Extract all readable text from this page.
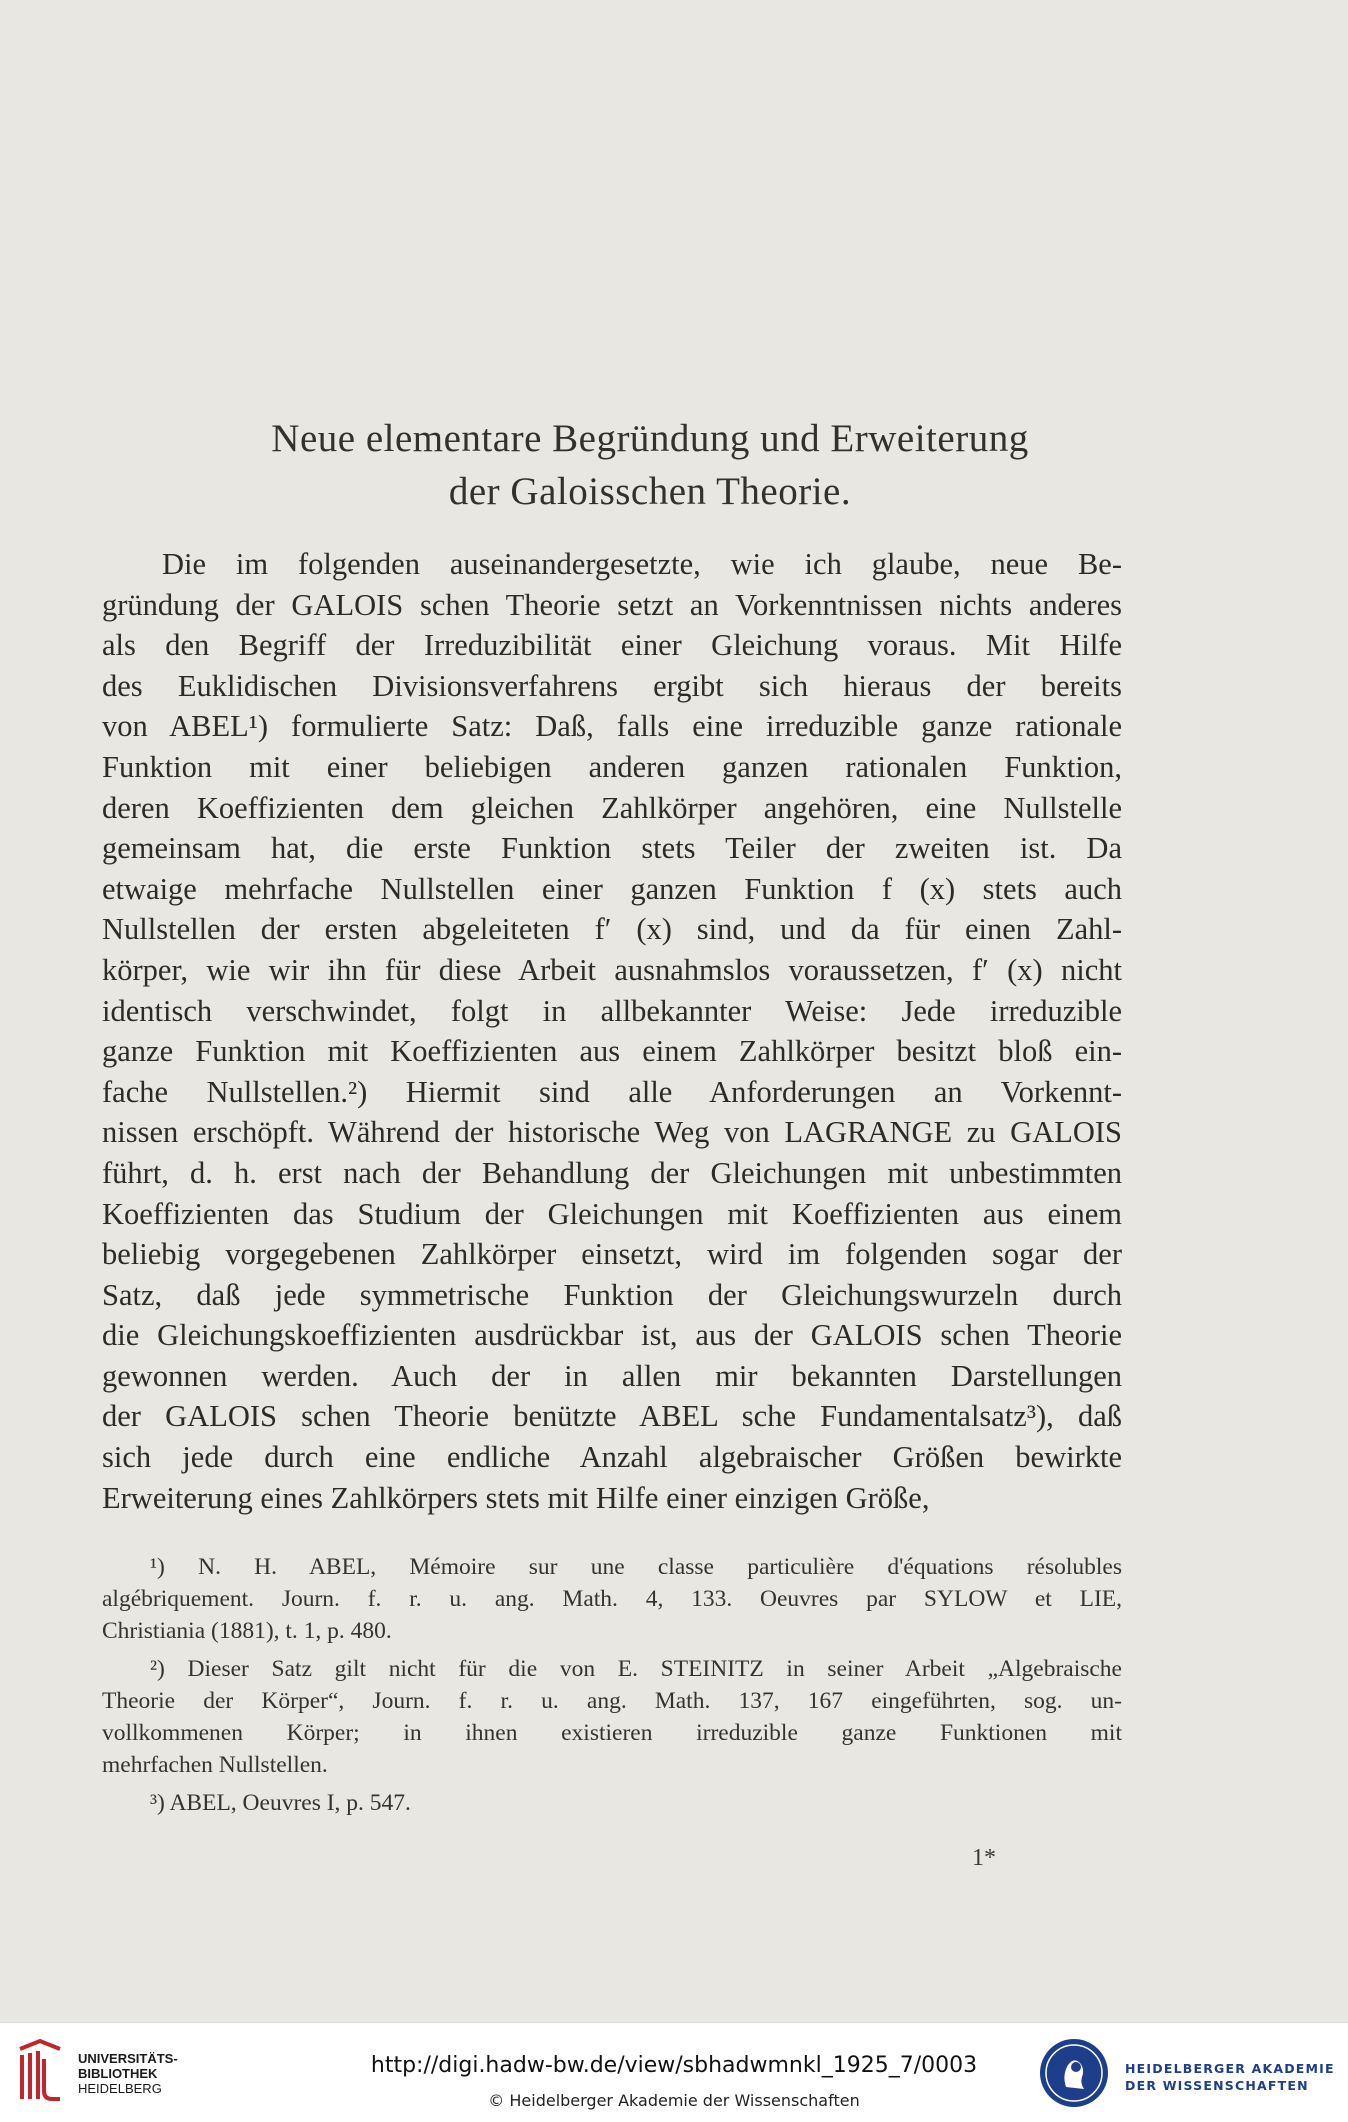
Neue elementare Begründung und Erweiterung
der Galoisschen Theorie.
Die im folgenden auseinandergesetzte, wie ich glaube, neue Be-
gründung der GALOIS schen Theorie setzt an Vorkenntnissen nichts anderes
als den Begriff der Irreduzibilität einer Gleichung voraus. Mit Hilfe
des Euklidischen Divisionsverfahrens ergibt sich hieraus der bereits
von ABEL¹) formulierte Satz: Daß, falls eine irreduzible ganze rationale
Funktion mit einer beliebigen anderen ganzen rationalen Funktion,
deren Koeffizienten dem gleichen Zahlkörper angehören, eine Nullstelle
gemeinsam hat, die erste Funktion stets Teiler der zweiten ist. Da
etwaige mehrfache Nullstellen einer ganzen Funktion f (x) stets auch
Nullstellen der ersten abgeleiteten f′ (x) sind, und da für einen Zahl-
körper, wie wir ihn für diese Arbeit ausnahmslos voraussetzen, f′ (x) nicht
identisch verschwindet, folgt in allbekannter Weise: Jede irreduzible
ganze Funktion mit Koeffizienten aus einem Zahlkörper besitzt bloß ein-
fache Nullstellen.²) Hiermit sind alle Anforderungen an Vorkennt-
nissen erschöpft. Während der historische Weg von LAGRANGE zu GALOIS
führt, d. h. erst nach der Behandlung der Gleichungen mit unbestimmten
Koeffizienten das Studium der Gleichungen mit Koeffizienten aus einem
beliebig vorgegebenen Zahlkörper einsetzt, wird im folgenden sogar der
Satz, daß jede symmetrische Funktion der Gleichungswurzeln durch
die Gleichungskoeffizienten ausdrückbar ist, aus der GALOIS schen Theorie
gewonnen werden. Auch der in allen mir bekannten Darstellungen
der GALOIS schen Theorie benützte ABEL sche Fundamentalsatz³), daß
sich jede durch eine endliche Anzahl algebraischer Größen bewirkte
Erweiterung eines Zahlkörpers stets mit Hilfe einer einzigen Größe,
¹) N. H. ABEL, Mémoire sur une classe particulière d'équations résolubles
algébriquement. Journ. f. r. u. ang. Math. 4, 133. Oeuvres par SYLOW et LIE,
Christiania (1881), t. 1, p. 480.
²) Dieser Satz gilt nicht für die von E. STEINITZ in seiner Arbeit „Algebraische
Theorie der Körper“, Journ. f. r. u. ang. Math. 137, 167 eingeführten, sog. un-
vollkommenen Körper; in ihnen existieren irreduzible ganze Funktionen mit
mehrfachen Nullstellen.
³) ABEL, Oeuvres I, p. 547.
1*
UNIVERSITÄTS-
BIBLIOTHEK
HEIDELBERG
http://digi.hadw-bw.de/view/sbhadwmnkl_1925_7/0003
© Heidelberger Akademie der Wissenschaften
HEIDELBERGER AKADEMIE
DER WISSENSCHAFTEN
